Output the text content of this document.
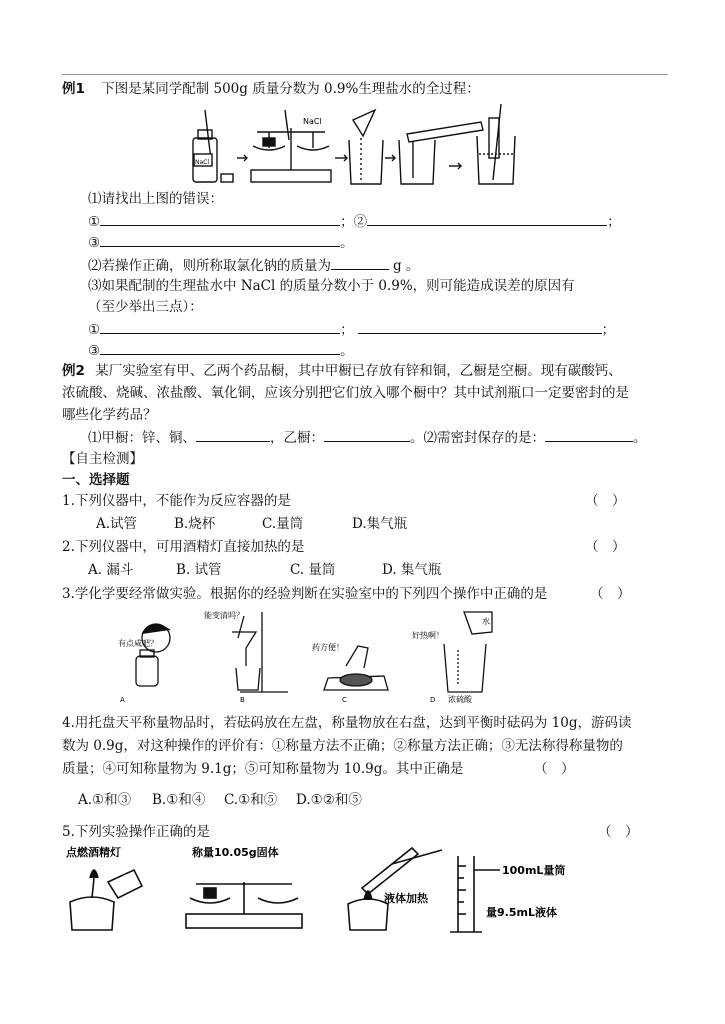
例1 下图是某同学配制 500g 质量分数为 0.9%生理盐水的全过程：
NaCl
NaCl
⑴请找出上图的错误：
①	；②	；
③	。
⑵若操作正确，则所称取氯化钠的质量为	g 。
⑶如果配制的生理盐水中 NaCl 的质量分数小于 0.9%，则可能造成误差的原因有
（至少举出三点）：
①	；	；
③	。
例2 某厂实验室有甲、乙两个药品橱，其中甲橱已存放有锌和铜，乙橱是空橱。现有碳酸钙、
浓硫酸、烧碱、浓盐酸、氧化铜，应该分别把它们放入哪个橱中？其中试剂瓶口一定要密封的是
哪些化学药品？
⑴甲橱：锌、铜、	，乙橱：	。⑵需密封保存的是：	。
【自主检测】
一、选择题
1.下列仪器中，不能作为反应容器的是	（　）
A.试管	B.烧杯	C.量筒	D.集气瓶
2.下列仪器中，可用酒精灯直接加热的是	（　）
A. 漏斗	B. 试管	C. 量筒	D. 集气瓶
3.学化学要经常做实验。根据你的经验判断在实验室中的下列四个操作中正确的是	（　）
有点咸吧？
能变清吗？
药方便！
好热啊！
水
浓硫酸
A	B	C	D
4.用托盘天平称量物品时，若砝码放在左盘，称量物放在右盘，达到平衡时砝码为 10g，游码读
数为 0.9g，对这种操作的评价有：①称量方法不正确；②称量方法正确；③无法称得称量物的
质量；④可知称量物为 9.1g；⑤可知称量物为 10.9g。其中正确是	（　）
A.①和③ B.①和④ C.①和⑤ D.①②和⑤
5.下列实验操作正确的是	（　）
点燃酒精灯	称量10.05g固体
液体加热
100mL量筒
量9.5mL液体
